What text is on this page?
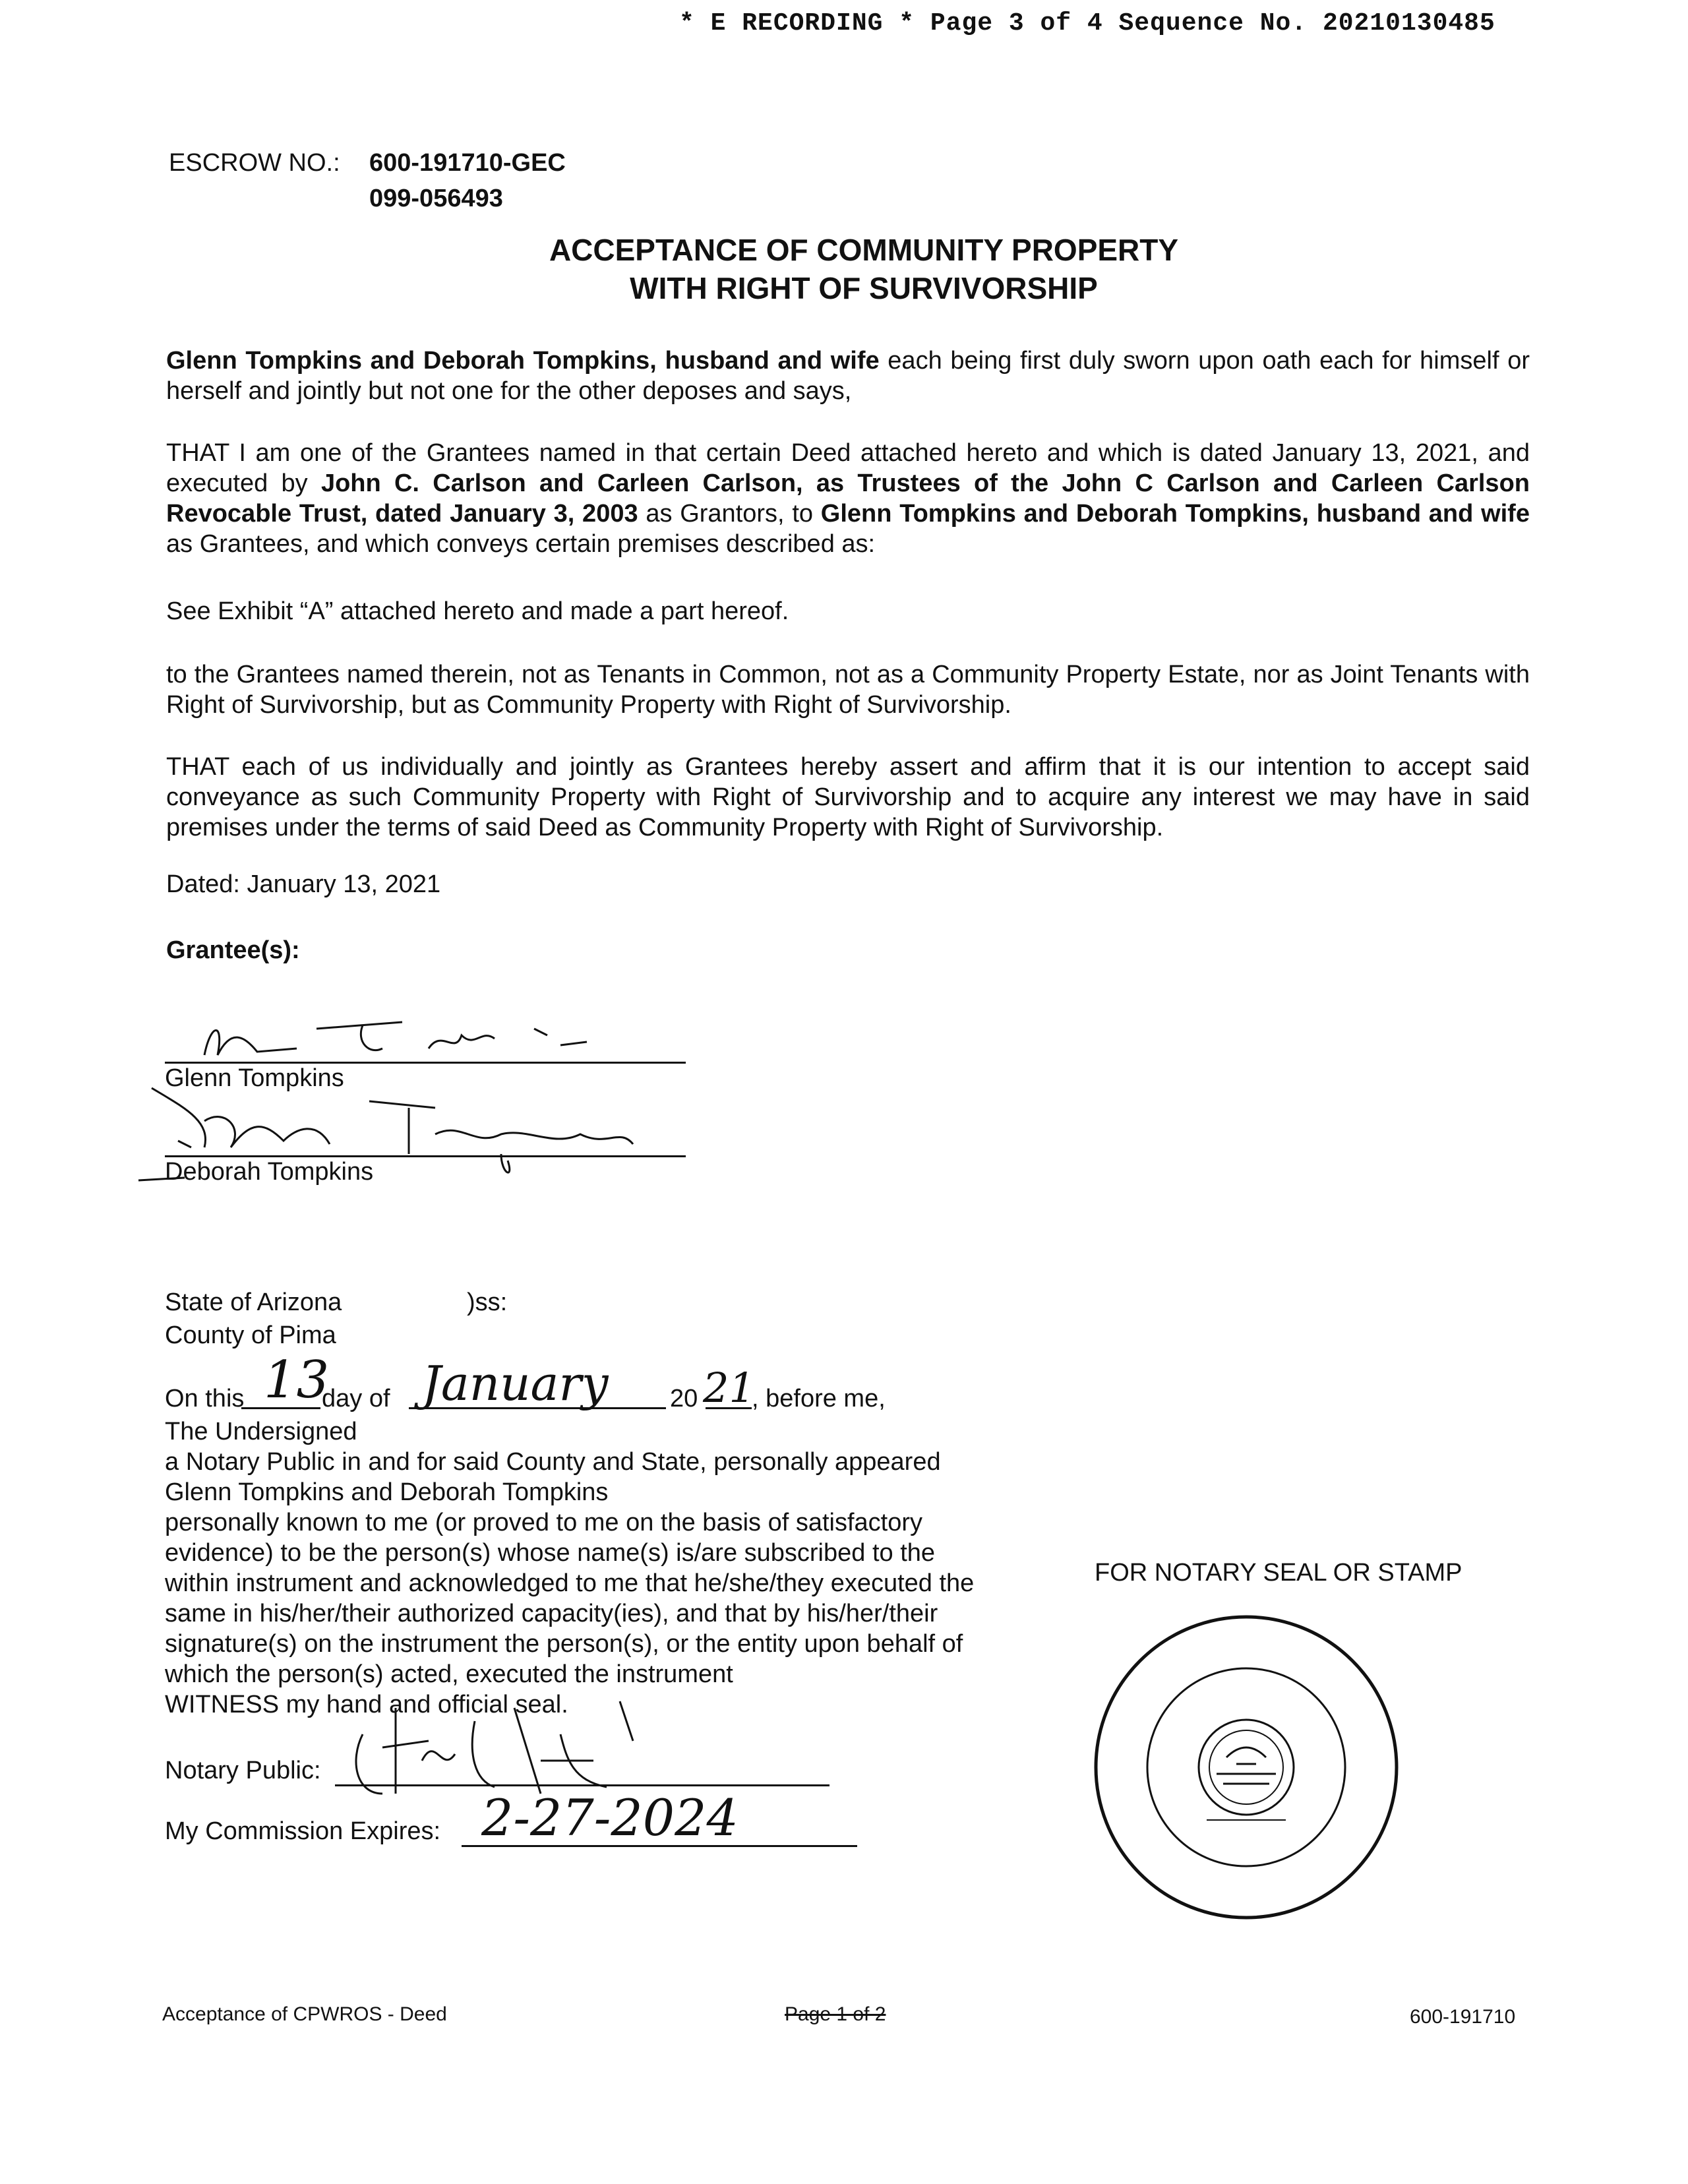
* E RECORDING * Page 3 of 4 Sequence No. 20210130485
ESCROW NO.: 600-191710-GEC
099-056493
ACCEPTANCE OF COMMUNITY PROPERTY
WITH RIGHT OF SURVIVORSHIP
Glenn Tompkins and Deborah Tompkins, husband and wife each being first duly sworn upon oath each for himself or herself and jointly but not one for the other deposes and says,
THAT I am one of the Grantees named in that certain Deed attached hereto and which is dated January 13, 2021, and executed by John C. Carlson and Carleen Carlson, as Trustees of the John C Carlson and Carleen Carlson Revocable Trust, dated January 3, 2003 as Grantors, to Glenn Tompkins and Deborah Tompkins, husband and wife as Grantees, and which conveys certain premises described as:
See Exhibit “A” attached hereto and made a part hereof.
to the Grantees named therein, not as Tenants in Common, not as a Community Property Estate, nor as Joint Tenants with Right of Survivorship, but as Community Property with Right of Survivorship.
THAT each of us individually and jointly as Grantees hereby assert and affirm that it is our intention to accept said conveyance as such Community Property with Right of Survivorship and to acquire any interest we may have in said premises under the terms of said Deed as Community Property with Right of Survivorship.
Dated: January 13, 2021
Grantee(s):
Glenn Tompkins
Deborah Tompkins
State of Arizona	)ss:
County of Pima
On this 13
day of January 20 21
, before me,
The Undersigned
a Notary Public in and for said County and State, personally appeared
Glenn Tompkins and Deborah Tompkins
personally known to me (or proved to me on the basis of satisfactory
evidence) to be the person(s) whose name(s) is/are subscribed to the
within instrument and acknowledged to me that he/she/they executed the
same in his/her/their authorized capacity(ies), and that by his/her/their
signature(s) on the instrument the person(s), or the entity upon behalf of
which the person(s) acted, executed the instrument
WITNESS my hand and official seal.
Notary Public:
My Commission Expires: 2-27-2024
FOR NOTARY SEAL OR STAMP
Acceptance of CPWROS - Deed	Page 1 of 2	600-191710
